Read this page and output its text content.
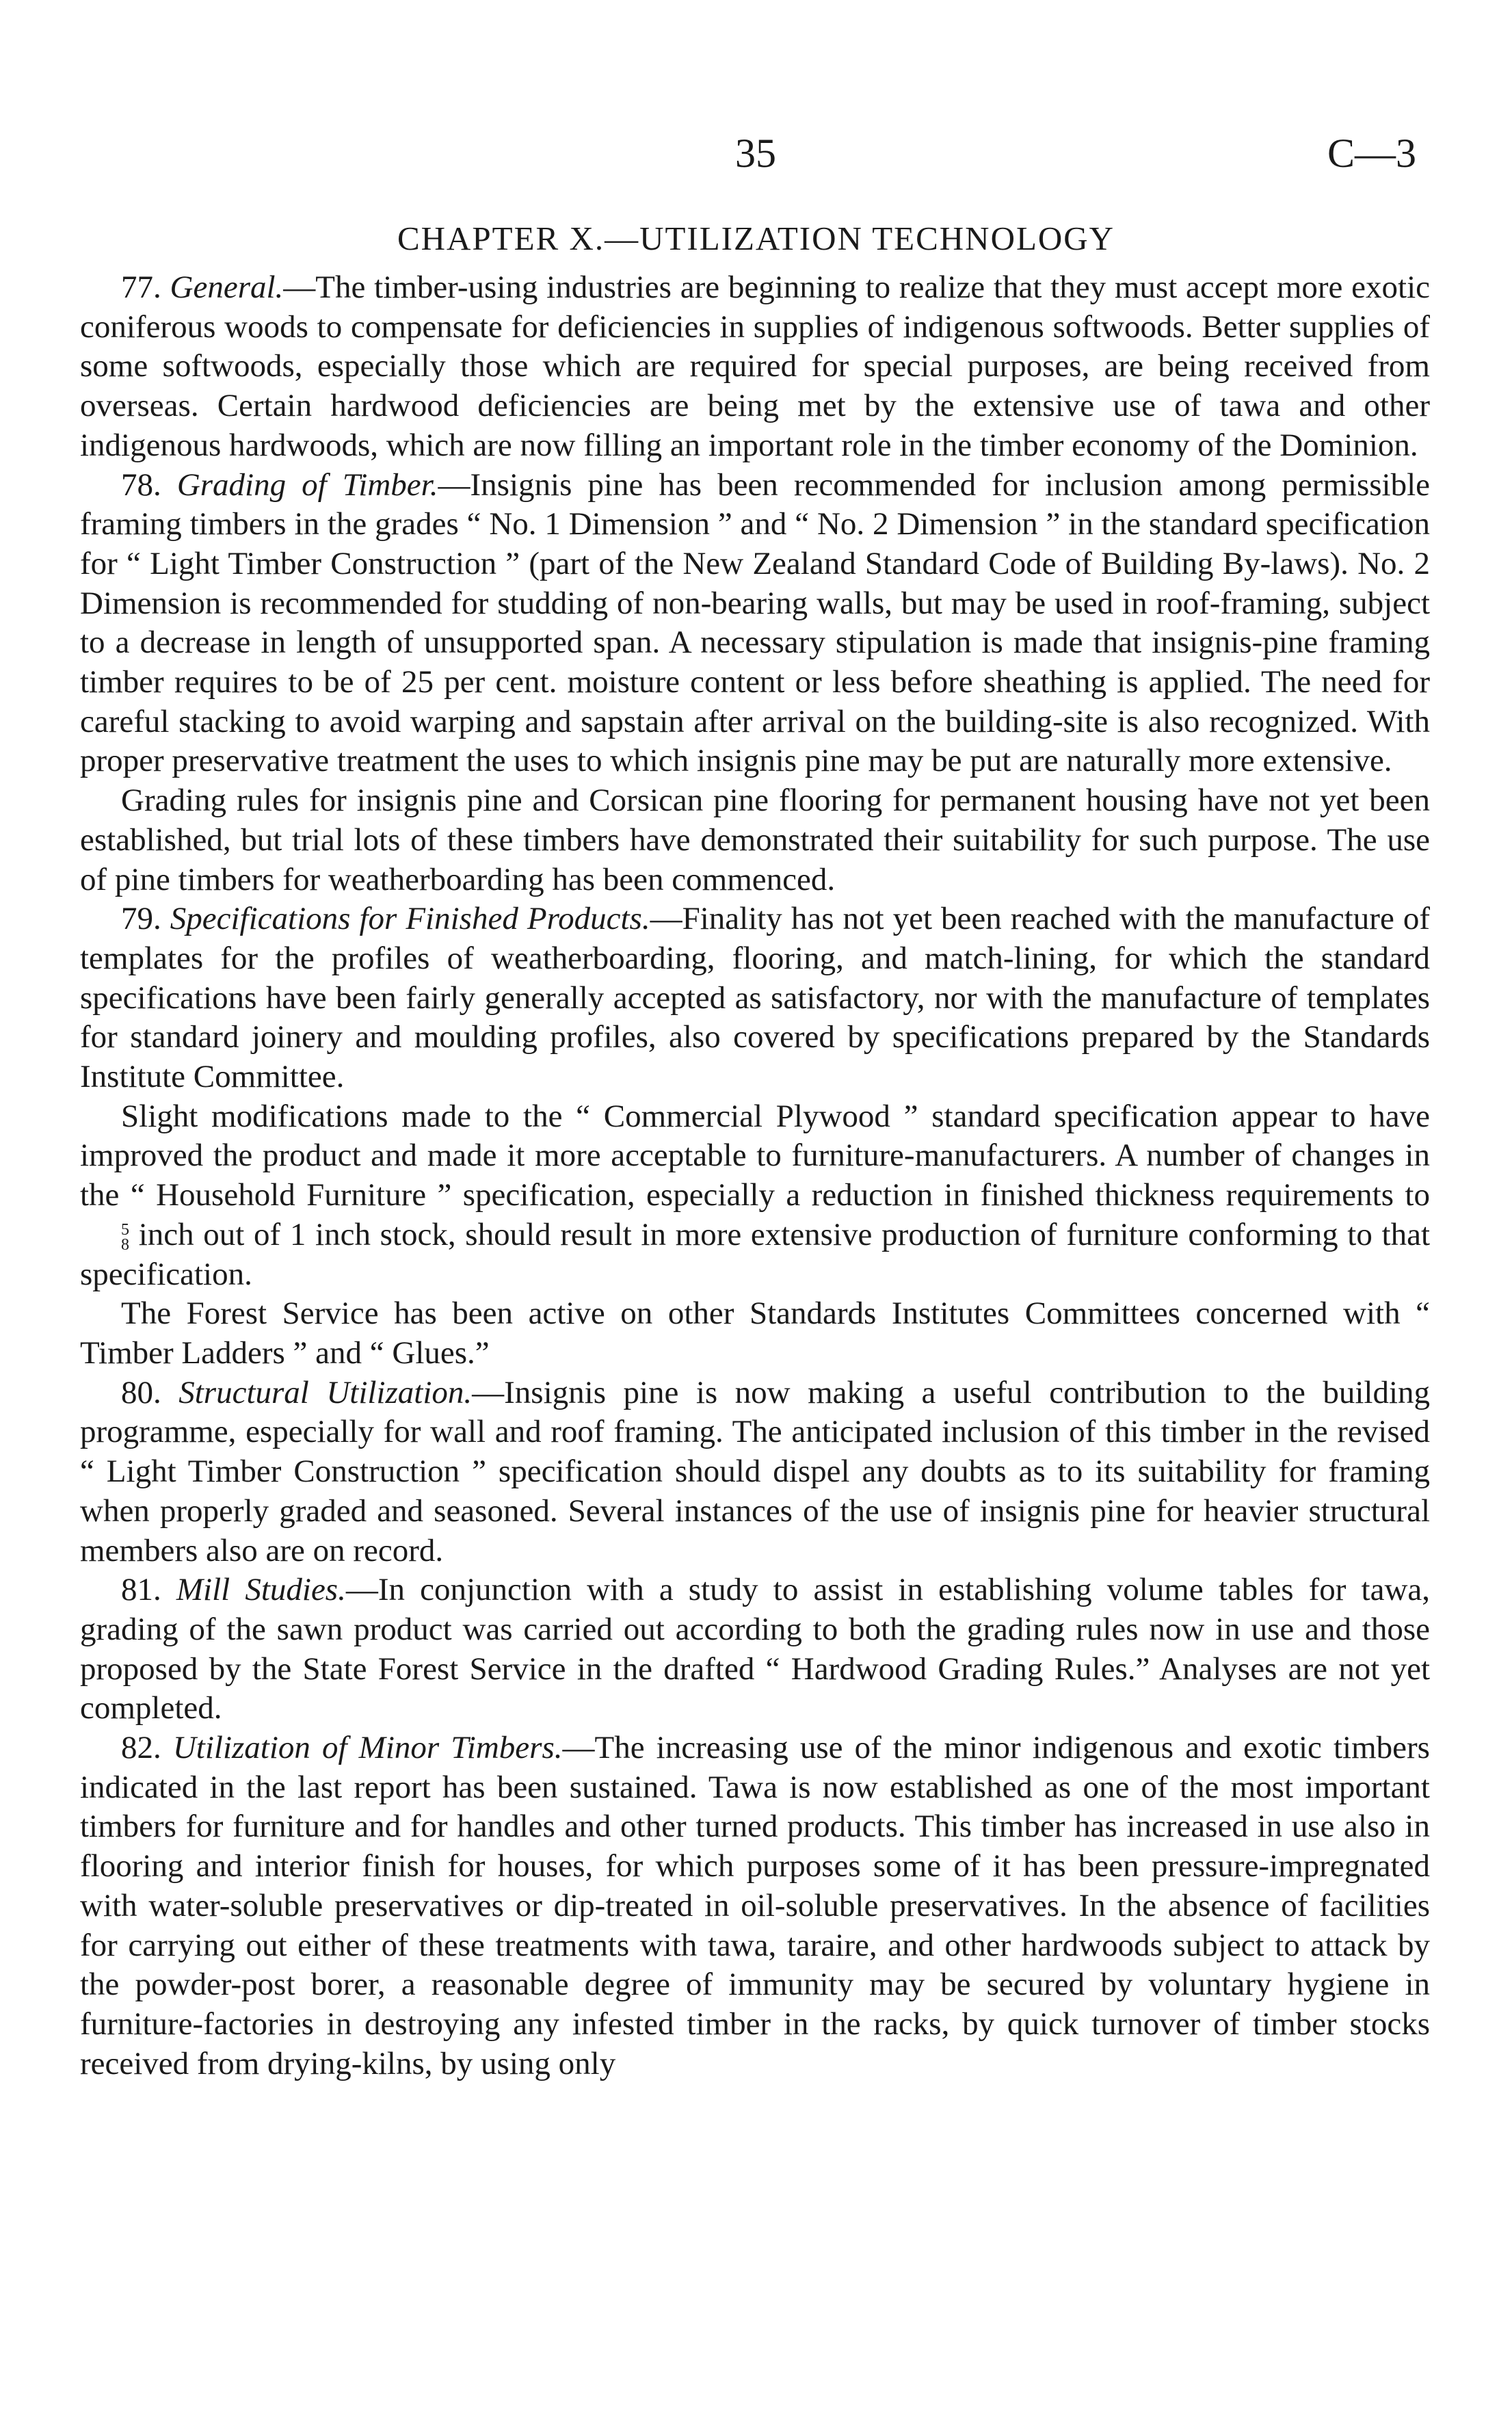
35	C—3
CHAPTER X.—UTILIZATION TECHNOLOGY

77. General.—The timber-using industries are beginning to realize that they must accept more exotic coniferous woods to compensate for deficiencies in supplies of indigenous softwoods. Better supplies of some softwoods, especially those which are required for special purposes, are being received from overseas. Certain hardwood deficiencies are being met by the extensive use of tawa and other indigenous hardwoods, which are now filling an important role in the timber economy of the Dominion.

78. Grading of Timber.—Insignis pine has been recommended for inclusion among permissible framing timbers in the grades “ No. 1 Dimension ” and “ No. 2 Dimension ” in the standard specification for “ Light Timber Construction ” (part of the New Zealand Standard Code of Building By-laws). No. 2 Dimension is recommended for studding of non-bearing walls, but may be used in roof-framing, subject to a decrease in length of unsupported span. A necessary stipulation is made that insignis-pine framing timber requires to be of 25 per cent. moisture content or less before sheathing is applied. The need for careful stacking to avoid warping and sapstain after arrival on the building-site is also recognized. With proper preservative treatment the uses to which insignis pine may be put are naturally more extensive.

Grading rules for insignis pine and Corsican pine flooring for permanent housing have not yet been established, but trial lots of these timbers have demonstrated their suitability for such purpose. The use of pine timbers for weatherboarding has been commenced.

79. Specifications for Finished Products.—Finality has not yet been reached with the manufacture of templates for the profiles of weatherboarding, flooring, and match-lining, for which the standard specifications have been fairly generally accepted as satisfactory, nor with the manufacture of templates for standard joinery and moulding profiles, also covered by specifications prepared by the Standards Institute Committee.

Slight modifications made to the “ Commercial Plywood ” standard specification appear to have improved the product and made it more acceptable to furniture-manufacturers. A number of changes in the “ Household Furniture ” specification, especially a reduction in finished thickness requirements to
5
8 inch out of 1 inch stock, should result in more extensive production of furniture conforming to that specification.

The Forest Service has been active on other Standards Institutes Committees concerned with “ Timber Ladders ” and “ Glues.”

80. Structural Utilization.—Insignis pine is now making a useful contribution to the building programme, especially for wall and roof framing. The anticipated inclusion of this timber in the revised “ Light Timber Construction ” specification should dispel any doubts as to its suitability for framing when properly graded and seasoned. Several instances of the use of insignis pine for heavier structural members also are on record.

81. Mill Studies.—In conjunction with a study to assist in establishing volume tables for tawa, grading of the sawn product was carried out according to both the grading rules now in use and those proposed by the State Forest Service in the drafted “ Hardwood Grading Rules.” Analyses are not yet completed.

82. Utilization of Minor Timbers.—The increasing use of the minor indigenous and exotic timbers indicated in the last report has been sustained. Tawa is now established as one of the most important timbers for furniture and for handles and other turned products. This timber has increased in use also in flooring and interior finish for houses, for which purposes some of it has been pressure-impregnated with water-soluble preservatives or dip-treated in oil-soluble preservatives. In the absence of facilities for carrying out either of these treatments with tawa, taraire, and other hardwoods subject to attack by the powder-post borer, a reasonable degree of immunity may be secured by voluntary hygiene in furniture-factories in destroying any infested timber in the racks, by quick turnover of timber stocks received from drying-kilns, by using only
